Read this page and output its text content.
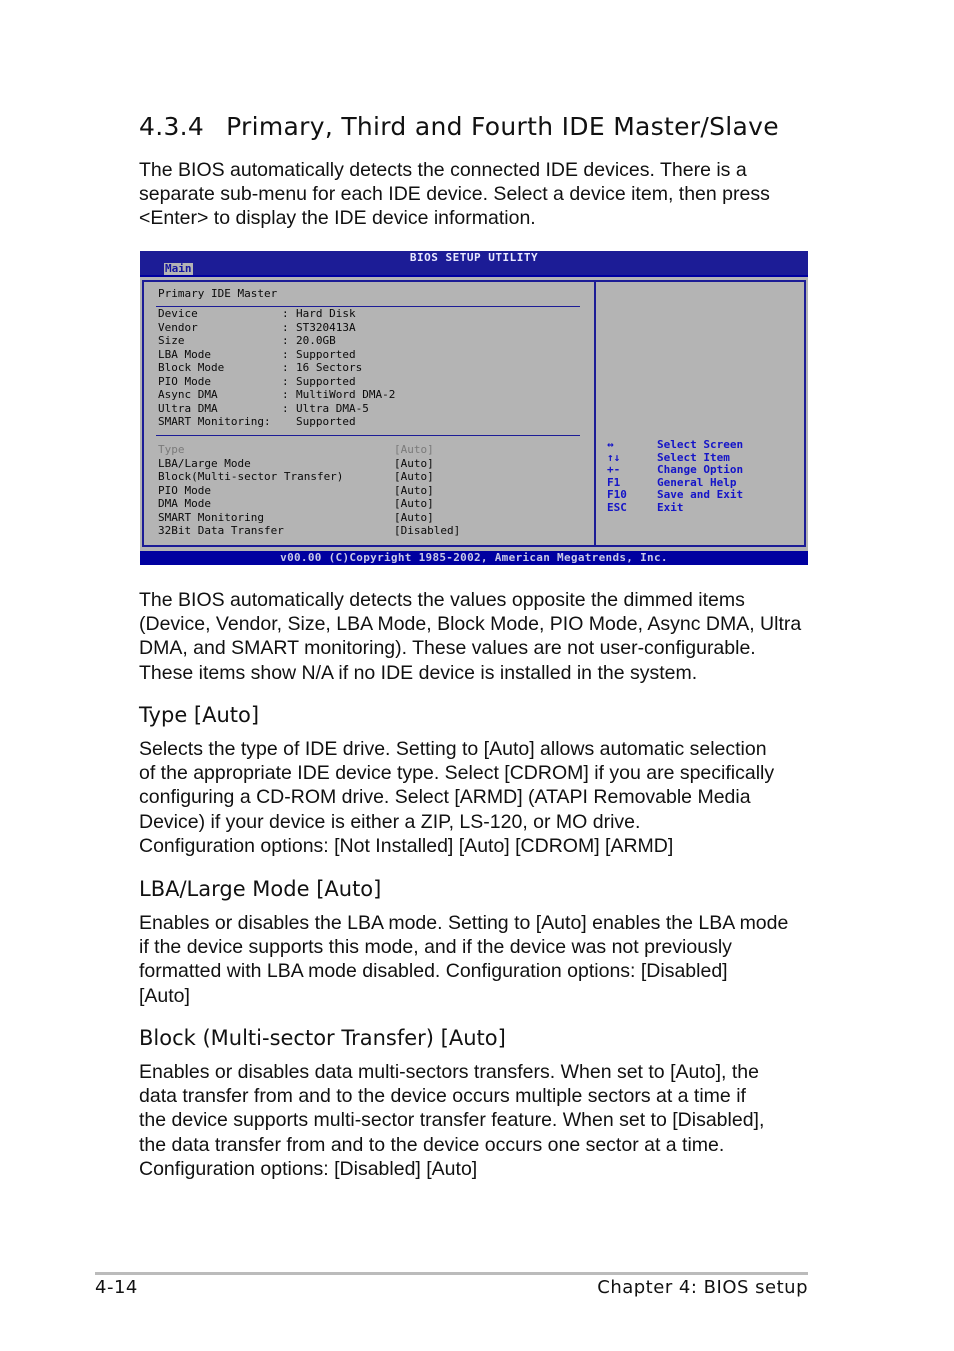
4.3.4 Primary, Third and Fourth IDE Master/Slave
The BIOS automatically detects the connected IDE devices. There is a
separate sub-menu for each IDE device. Select a device item, then press
<Enter> to display the IDE device information.
BIOS SETUP UTILITY
Main
Primary IDE Master
Device	: Hard Disk
Vendor	: ST320413A
Size	: 20.0GB
LBA Mode	: Supported
Block Mode	: 16 Sectors
PIO Mode	: Supported
Async DMA	: MultiWord DMA-2
Ultra DMA	: Ultra DMA-5
SMART Monitoring: Supported
Type	[Auto]
LBA/Large Mode	[Auto]
Block(Multi-sector Transfer)	[Auto]
PIO Mode	[Auto]
DMA Mode	[Auto]
SMART Monitoring	[Auto]
32Bit Data Transfer	[Disabled]
↔	Select Screen
↑↓	Select Item
+-	Change Option
F1	General Help
F10	Save and Exit
ESC	Exit
v00.00 (C)Copyright 1985-2002, American Megatrends, Inc.
The BIOS automatically detects the values opposite the dimmed items
(Device, Vendor, Size, LBA Mode, Block Mode, PIO Mode, Async DMA, Ultra
DMA, and SMART monitoring). These values are not user-configurable.
These items show N/A if no IDE device is installed in the system.
Type [Auto]
Selects the type of IDE drive. Setting to [Auto] allows automatic selection
of the appropriate IDE device type. Select [CDROM] if you are specifically
configuring a CD-ROM drive. Select [ARMD] (ATAPI Removable Media
Device) if your device is either a ZIP, LS-120, or MO drive.
Configuration options: [Not Installed] [Auto] [CDROM] [ARMD]
LBA/Large Mode [Auto]
Enables or disables the LBA mode. Setting to [Auto] enables the LBA mode
if the device supports this mode, and if the device was not previously
formatted with LBA mode disabled. Configuration options: [Disabled]
[Auto]
Block (Multi-sector Transfer) [Auto]
Enables or disables data multi-sectors transfers. When set to [Auto], the
data transfer from and to the device occurs multiple sectors at a time if
the device supports multi-sector transfer feature. When set to [Disabled],
the data transfer from and to the device occurs one sector at a time.
Configuration options: [Disabled] [Auto]
4-14	Chapter 4: BIOS setup
